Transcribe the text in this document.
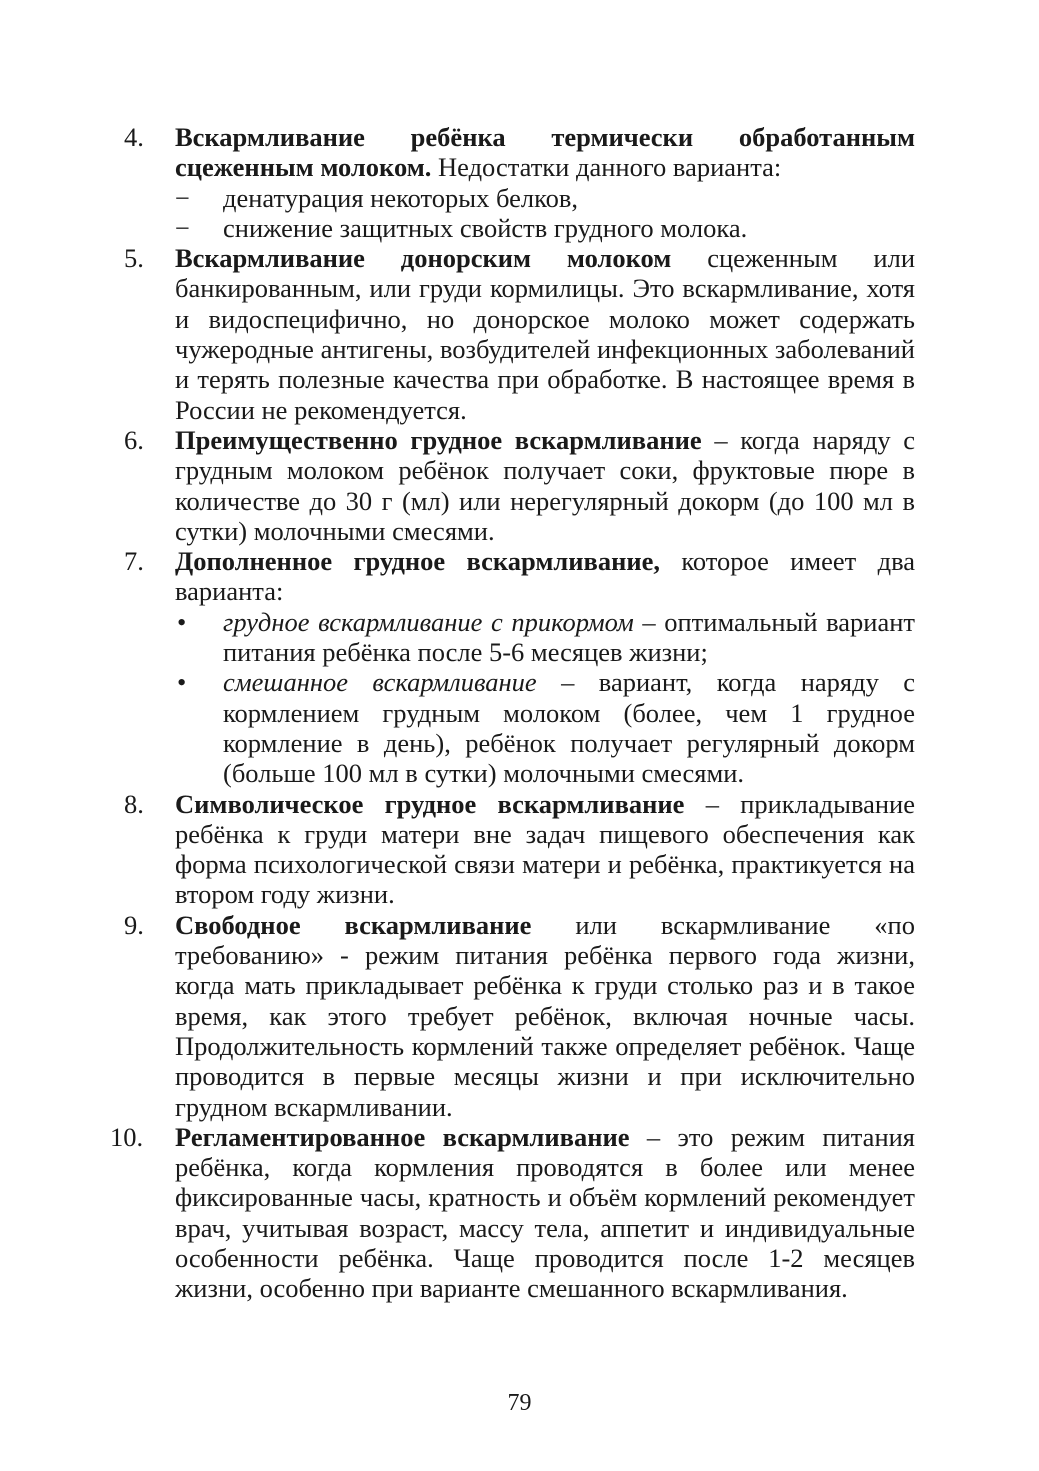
4. Вскармливание ребёнка термически обработанным сцеженным молоком. Недостатки данного варианта:
−	денатурация некоторых белков,
−	снижение защитных свойств грудного молока.
5. Вскармливание донорским молоком сцеженным или банкированным, или груди кормилицы. Это вскармливание, хотя и видоспецифично, но донорское молоко может содержать чужеродные антигены, возбудителей инфекционных заболеваний и терять полезные качества при обработке. В настоящее время в России не рекомендуется.
6. Преимущественно грудное вскармливание – когда наряду с грудным молоком ребёнок получает соки, фруктовые пюре в количестве до 30 г (мл) или нерегулярный докорм (до 100 мл в сутки) молочными смесями.
7. Дополненное грудное вскармливание, которое имеет два варианта:
•	грудное вскармливание с прикормом – оптимальный вариант питания ребёнка после 5-6 месяцев жизни;
•	смешанное вскармливание – вариант, когда наряду с кормлением грудным молоком (более, чем 1 грудное кормление в день), ребёнок получает регулярный докорм (больше 100 мл в сутки) молочными смесями.
8. Символическое грудное вскармливание – прикладывание ребёнка к груди матери вне задач пищевого обеспечения как форма психологической связи матери и ребёнка, практикуется на втором году жизни.
9. Свободное вскармливание или вскармливание «по требованию» - режим питания ребёнка первого года жизни, когда мать прикладывает ребёнка к груди столько раз и в такое время, как этого требует ребёнок, включая ночные часы. Продолжительность кормлений также определяет ребёнок. Чаще проводится в первые месяцы жизни и при исключительно грудном вскармливании.
10. Регламентированное вскармливание – это режим питания ребёнка, когда кормления проводятся в более или менее фиксированные часы, кратность и объём кормлений рекомендует врач, учитывая возраст, массу тела, аппетит и индивидуальные особенности ребёнка. Чаще проводится после 1-2 месяцев жизни, особенно при варианте смешанного вскармливания.
79
